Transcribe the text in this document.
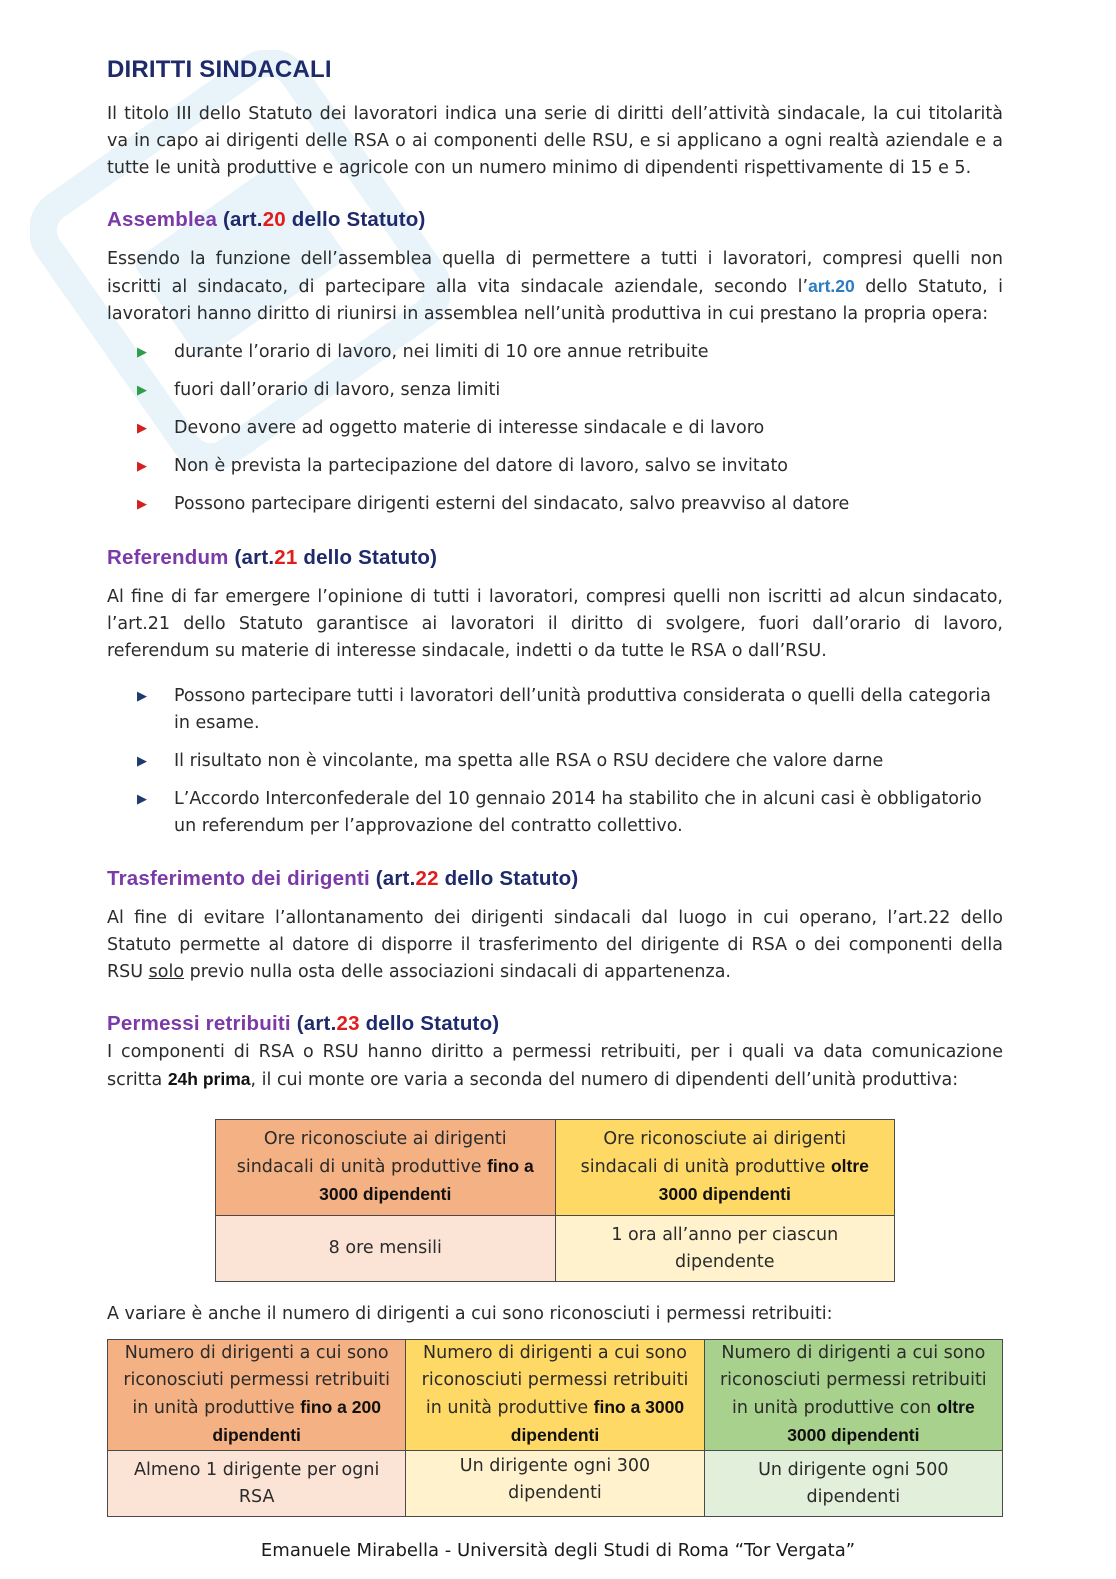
DIRITTI SINDACALI

Il titolo III dello Statuto dei lavoratori indica una serie di diritti dell’attività sindacale, la cui titolarità va in capo ai dirigenti delle RSA o ai componenti delle RSU, e si applicano a ogni realtà aziendale e a tutte le unità produttive e agricole con un numero minimo di dipendenti rispettivamente di 15 e 5.

Assemblea (art.20 dello Statuto)

Essendo la funzione dell’assemblea quella di permettere a tutti i lavoratori, compresi quelli non iscritti al sindacato, di partecipare alla vita sindacale aziendale, secondo l’art.20 dello Statuto, i lavoratori hanno diritto di riunirsi in assemblea nell’unità produttiva in cui prestano la propria opera:

▶ durante l’orario di lavoro, nei limiti di 10 ore annue retribuite
▶ fuori dall’orario di lavoro, senza limiti
▶ Devono avere ad oggetto materie di interesse sindacale e di lavoro
▶ Non è prevista la partecipazione del datore di lavoro, salvo se invitato
▶ Possono partecipare dirigenti esterni del sindacato, salvo preavviso al datore
Referendum (art.21 dello Statuto)

Al fine di far emergere l’opinione di tutti i lavoratori, compresi quelli non iscritti ad alcun sindacato, l’art.21 dello Statuto garantisce ai lavoratori il diritto di svolgere, fuori dall’orario di lavoro, referendum su materie di interesse sindacale, indetti o da tutte le RSA o dall’RSU.

▶ Possono partecipare tutti i lavoratori dell’unità produttiva considerata o quelli della categoria in esame.
▶ Il risultato non è vincolante, ma spetta alle RSA o RSU decidere che valore darne
▶ L’Accordo Interconfederale del 10 gennaio 2014 ha stabilito che in alcuni casi è obbligatorio un referendum per l’approvazione del contratto collettivo.
Trasferimento dei dirigenti (art.22 dello Statuto)

Al fine di evitare l’allontanamento dei dirigenti sindacali dal luogo in cui operano, l’art.22 dello Statuto permette al datore di disporre il trasferimento del dirigente di RSA o dei componenti della RSU solo previo nulla osta delle associazioni sindacali di appartenenza.

Permessi retribuiti (art.23 dello Statuto)

I componenti di RSA o RSU hanno diritto a permessi retribuiti, per i quali va data comunicazione scritta 24h prima, il cui monte ore varia a seconda del numero di dipendenti dell’unità produttiva:

Ore riconosciute ai dirigenti sindacali di unità produttive fino a 3000 dipendenti	Ore riconosciute ai dirigenti sindacali di unità produttive oltre 3000 dipendenti
8 ore mensili	1 ora all’anno per ciascun dipendente

A variare è anche il numero di dirigenti a cui sono riconosciuti i permessi retribuiti:

Numero di dirigenti a cui sono riconosciuti permessi retribuiti in unità produttive fino a 200 dipendenti	Numero di dirigenti a cui sono riconosciuti permessi retribuiti in unità produttive fino a 3000 dipendenti	Numero di dirigenti a cui sono riconosciuti permessi retribuiti in unità produttive con oltre 3000 dipendenti
Almeno 1 dirigente per ogni RSA	Un dirigente ogni 300 dipendenti	Un dirigente ogni 500 dipendenti
Emanuele Mirabella - Università degli Studi di Roma “Tor Vergata”
